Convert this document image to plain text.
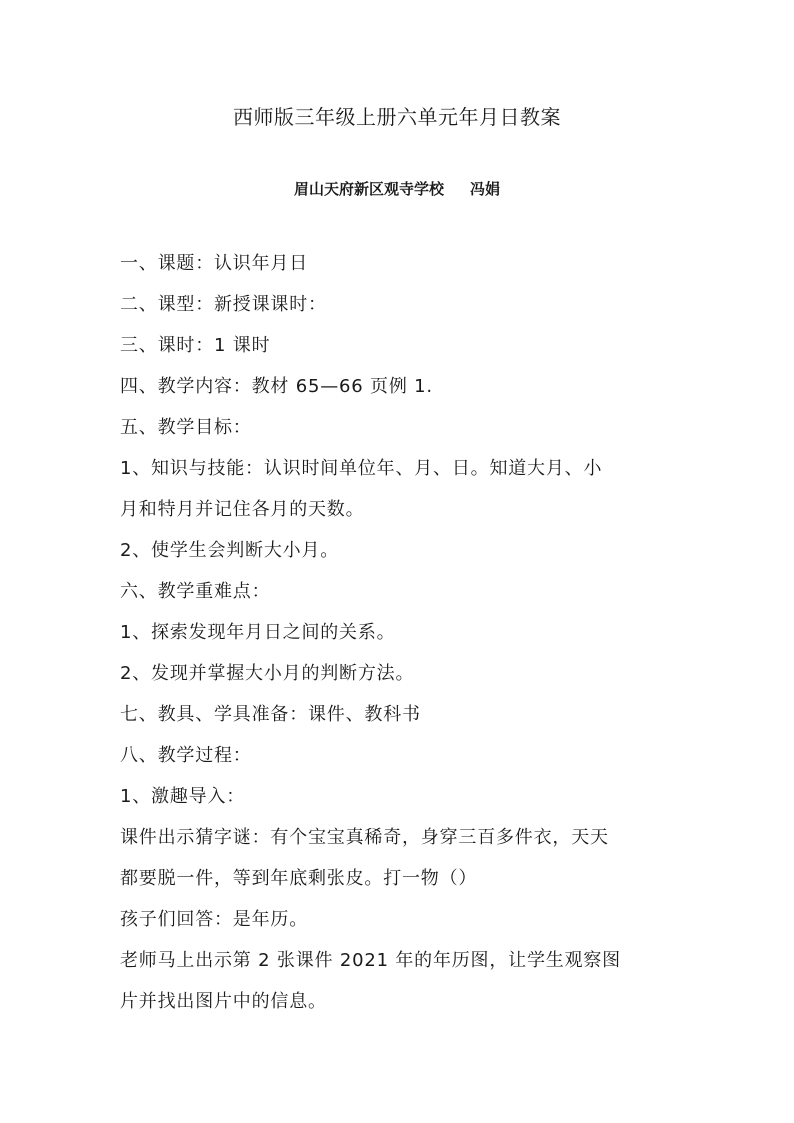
西师版三年级上册六单元年月日教案
眉山天府新区观寺学校     冯娟
一、课题：认识年月日
二、课型：新授课课时：
三、课时：1 课时
四、教学内容：教材 65—66 页例 1.
五、教学目标：
1、知识与技能：认识时间单位年、月、日。知道大月、小
月和特月并记住各月的天数。
2、使学生会判断大小月。
六、教学重难点：
1、探索发现年月日之间的关系。
2、发现并掌握大小月的判断方法。
七、教具、学具准备：课件、教科书
八、教学过程：
1、激趣导入：
课件出示猜字谜：有个宝宝真稀奇，身穿三百多件衣，天天
都要脱一件，等到年底剩张皮。打一物（）
孩子们回答：是年历。
老师马上出示第 2 张课件 2021 年的年历图，让学生观察图
片并找出图片中的信息。
